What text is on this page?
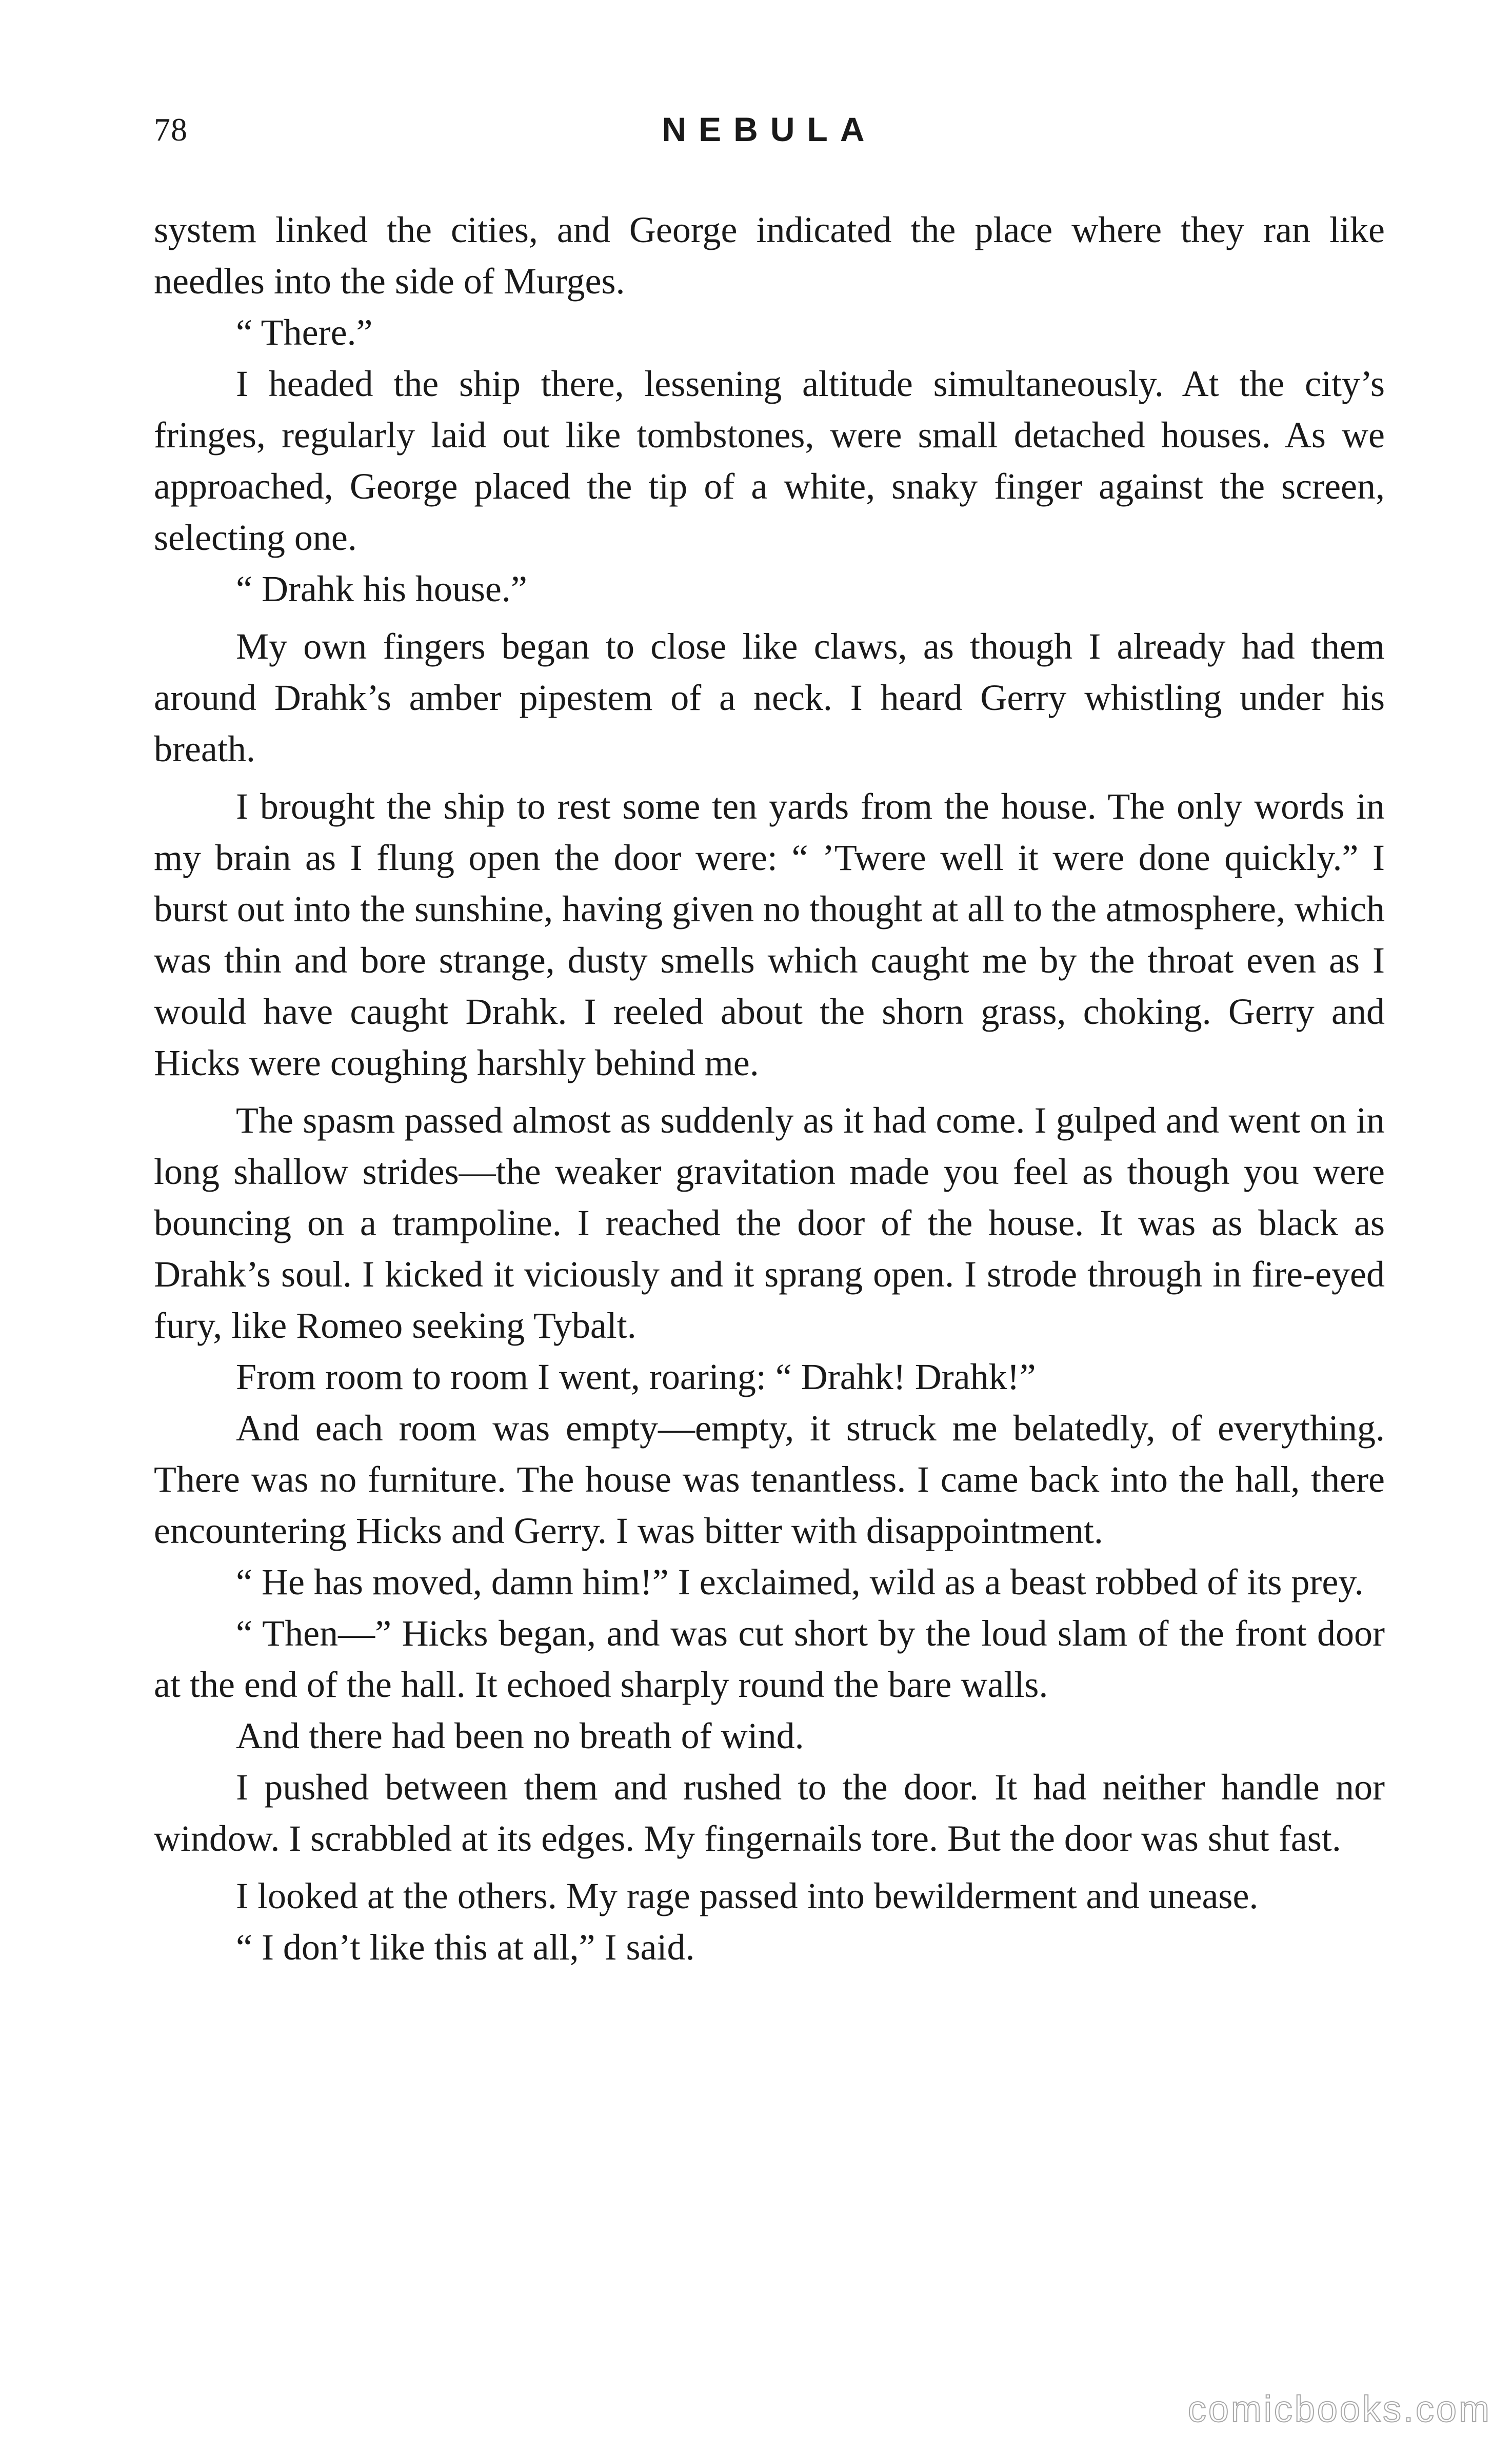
78	NEBULA

system linked the cities, and George indicated the place where they ran like needles into the side of Murges.

“ There.”

I headed the ship there, lessening altitude simultaneously. At the city’s fringes, regularly laid out like tombstones, were small detached houses. As we approached, George placed the tip of a white, snaky finger against the screen, selecting one.

“ Drahk his house.”

My own fingers began to close like claws, as though I already had them around Drahk’s amber pipestem of a neck. I heard Gerry whistling under his breath.

I brought the ship to rest some ten yards from the house. The only words in my brain as I flung open the door were: “ ’Twere well it were done quickly.” I burst out into the sunshine, having given no thought at all to the atmosphere, which was thin and bore strange, dusty smells which caught me by the throat even as I would have caught Drahk. I reeled about the shorn grass, choking. Gerry and Hicks were coughing harshly behind me.

The spasm passed almost as suddenly as it had come. I gulped and went on in long shallow strides—the weaker gravitation made you feel as though you were bouncing on a trampoline. I reached the door of the house. It was as black as Drahk’s soul. I kicked it viciously and it sprang open. I strode through in fire-eyed fury, like Romeo seeking Tybalt.

From room to room I went, roaring: “ Drahk! Drahk!”

And each room was empty—empty, it struck me belatedly, of everything. There was no furniture. The house was tenantless. I came back into the hall, there encountering Hicks and Gerry. I was bitter with disappointment.

“ He has moved, damn him!” I exclaimed, wild as a beast robbed of its prey.

“ Then—” Hicks began, and was cut short by the loud slam of the front door at the end of the hall. It echoed sharply round the bare walls.

And there had been no breath of wind.

I pushed between them and rushed to the door. It had neither handle nor window. I scrabbled at its edges. My fingernails tore. But the door was shut fast.

I looked at the others. My rage passed into bewilderment and unease.

“ I don’t like this at all,” I said.

comicbooks.com
